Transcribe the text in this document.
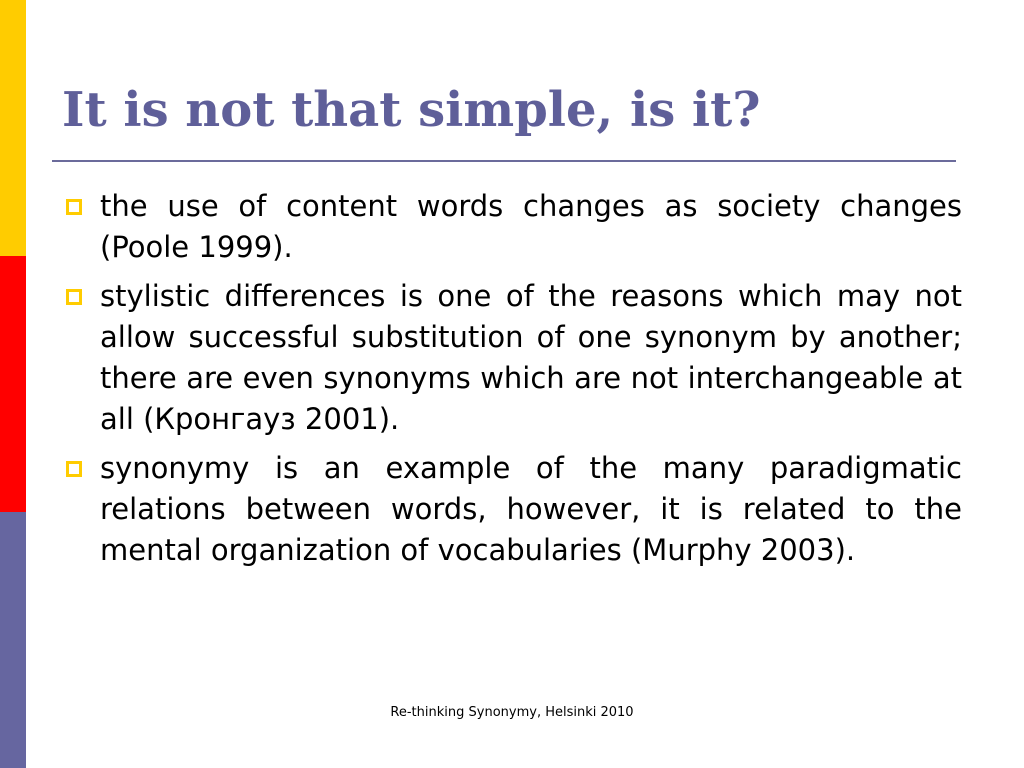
It is not that simple, is it?
the use of content words changes as society changes (Poole 1999).
stylistic differences is one of the reasons which may not allow successful substitution of one synonym by another; there are even synonyms which are not interchangeable at all (Кронгауз 2001).
synonymy is an example of the many paradigmatic relations between words, however, it is related to the mental organization of vocabularies (Murphy 2003).
Re-thinking Synonymy, Helsinki 2010
